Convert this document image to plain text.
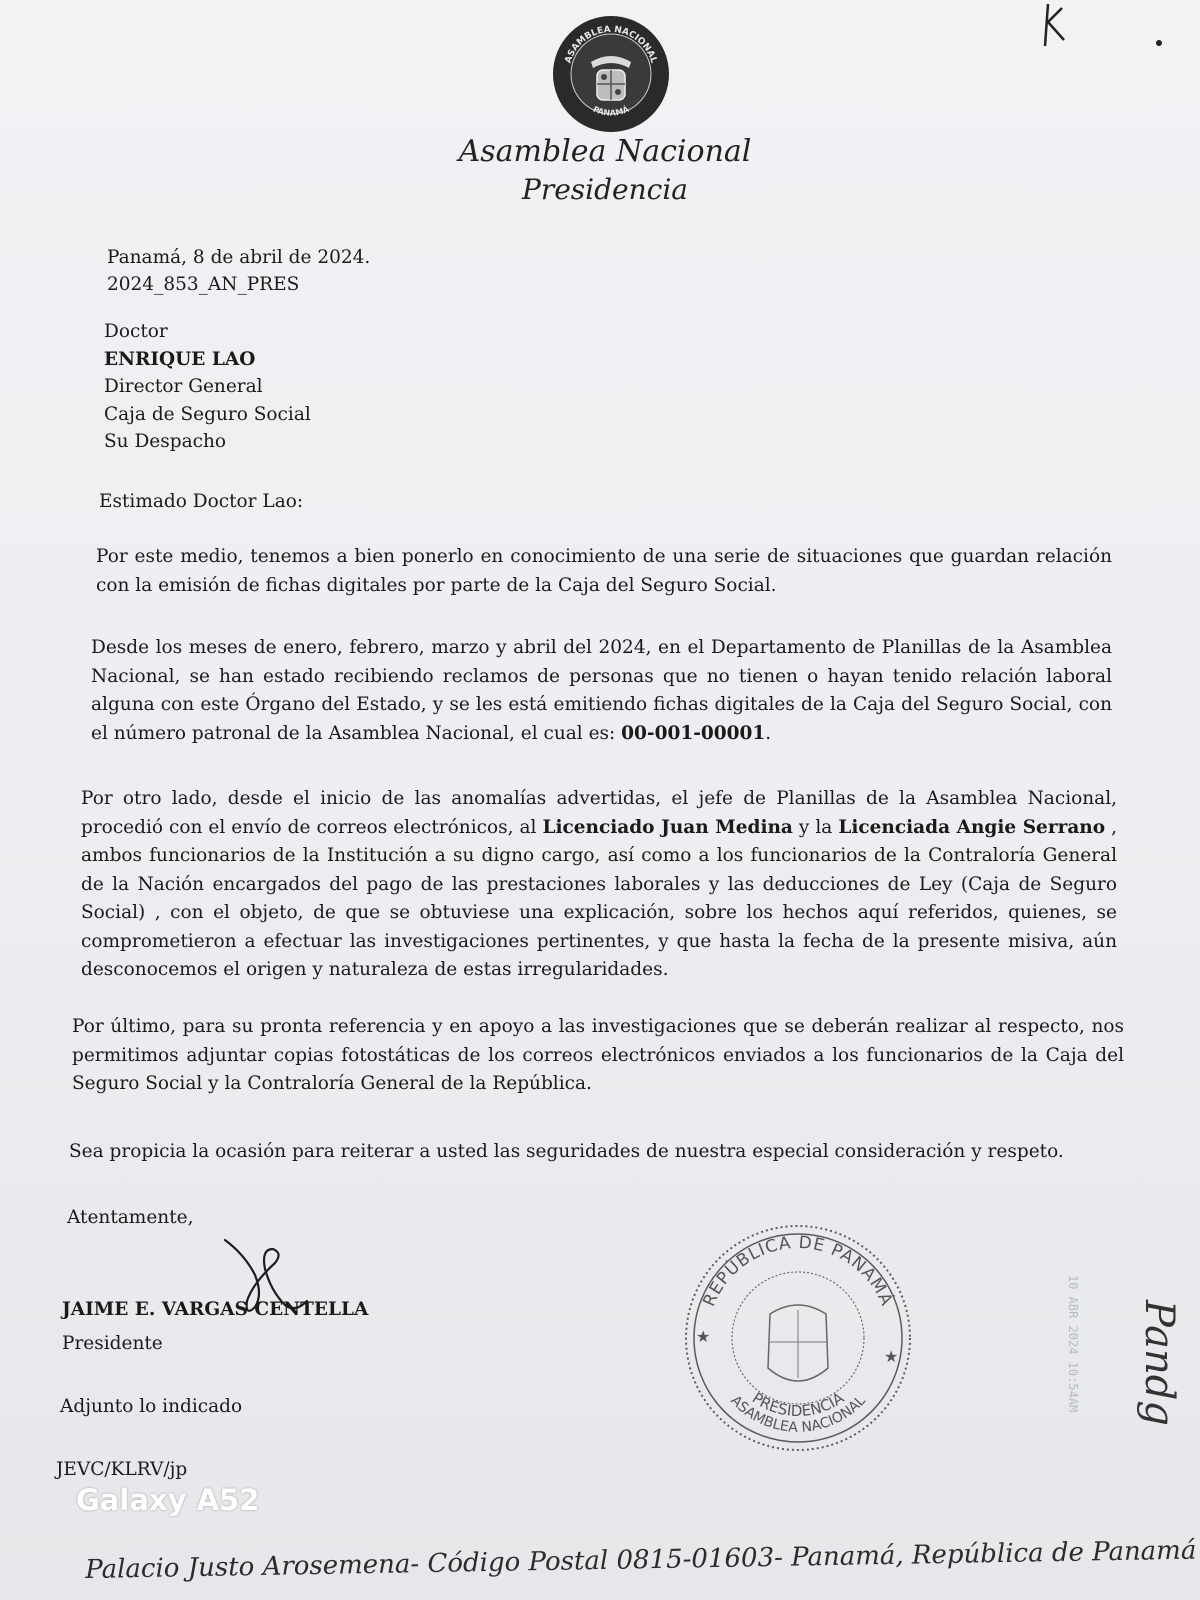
ASAMBLEA NACIONAL
PANAMÁ
Asamblea Nacional
Presidencia
Panamá, 8 de abril de 2024.
2024_853_AN_PRES
Doctor
ENRIQUE LAO
Director General
Caja de Seguro Social
Su Despacho
Estimado Doctor Lao:
Por este medio, tenemos a bien ponerlo en conocimiento de una serie de situaciones que guardan relación con la emisión de fichas digitales por parte de la Caja del Seguro Social.
Desde los meses de enero, febrero, marzo y abril del 2024, en el Departamento de Planillas de la Asamblea Nacional, se han estado recibiendo reclamos de personas que no tienen o hayan tenido relación laboral alguna con este Órgano del Estado, y se les está emitiendo fichas digitales de la Caja del Seguro Social, con el número patronal de la Asamblea Nacional, el cual es: 00-001-00001.
Por otro lado, desde el inicio de las anomalías advertidas, el jefe de Planillas de la Asamblea Nacional, procedió con el envío de correos electrónicos, al Licenciado Juan Medina y la Licenciada Angie Serrano , ambos funcionarios de la Institución a su digno cargo, así como a los funcionarios de la Contraloría General de la Nación encargados del pago de las prestaciones laborales y las deducciones de Ley (Caja de Seguro Social) , con el objeto, de que se obtuviese una explicación, sobre los hechos aquí referidos, quienes, se comprometieron a efectuar las investigaciones pertinentes, y que hasta la fecha de la presente misiva, aún desconocemos el origen y naturaleza de estas irregularidades.
Por último, para su pronta referencia y en apoyo a las investigaciones que se deberán realizar al respecto, nos permitimos adjuntar copias fotostáticas de los correos electrónicos enviados a los funcionarios de la Caja del Seguro Social y la Contraloría General de la República.
Sea propicia la ocasión para reiterar a usted las seguridades de nuestra especial consideración y respeto.
Atentamente,
JAIME E. VARGAS CENTELLA
Presidente
Adjunto lo indicado
JEVC/KLRV/jp
REPÚBLICA DE PANAMÁ
PRESIDENCIA
ASAMBLEA NACIONAL
★
★	10 ABR 2024 10:54AM Pandg
Galaxy A52
Palacio Justo Arosemena- Código Postal 0815-01603- Panamá, República de Panamá
